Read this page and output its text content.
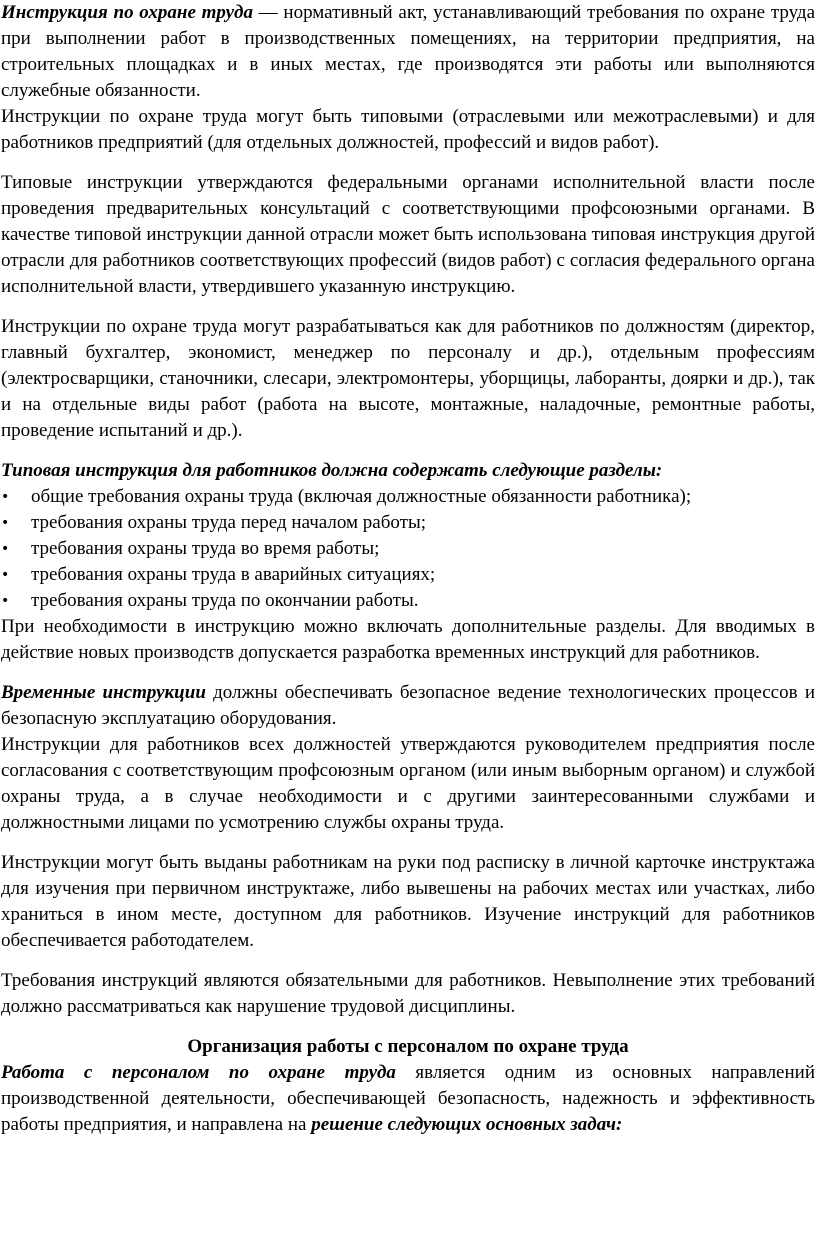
Инструкция по охране труда — нормативный акт, устанавливающий требования по охране труда при выполнении работ в производственных помещениях, на территории предприятия, на строительных площадках и в иных местах, где производятся эти работы или выполняются служебные обязанности.

Инструкции по охране труда могут быть типовыми (отраслевыми или межотраслевыми) и для работников предприятий (для отдельных должностей, профессий и видов работ).

Типовые инструкции утверждаются федеральными органами исполнительной власти после проведения предварительных консультаций с соответствующими профсоюзными органами. В качестве типовой инструкции данной отрасли может быть использована типовая инструкция другой отрасли для работников соответствующих профессий (видов работ) с согласия федерального органа исполнительной власти, утвердившего указанную инструкцию.

Инструкции по охране труда могут разрабатываться как для работников по должностям (директор, главный бухгалтер, экономист, менеджер по персоналу и др.), отдельным профессиям (электросварщики, станочники, слесари, электромонтеры, уборщицы, лаборанты, доярки и др.), так и на отдельные виды работ (работа на высоте, монтажные, наладочные, ремонтные работы, проведение испытаний и др.).

Типовая инструкция для работников должна содержать следующие разделы:

• общие требования охраны труда (включая должностные обязанности работника);
• требования охраны труда перед началом работы;
• требования охраны труда во время работы;
• требования охраны труда в аварийных ситуациях;
• требования охраны труда по окончании работы.

При необходимости в инструкцию можно включать дополнительные разделы. Для вводимых в действие новых производств допускается разработка временных инструкций для работников.

Временные инструкции должны обеспечивать безопасное ведение технологических процессов и безопасную эксплуатацию оборудования.

Инструкции для работников всех должностей утверждаются руководителем предприятия после согласования с соответствующим профсоюзным органом (или иным выборным органом) и службой охраны труда, а в случае необходимости и с другими заинтересованными службами и должностными лицами по усмотрению службы охраны труда.

Инструкции могут быть выданы работникам на руки под расписку в личной карточке инструктажа для изучения при первичном инструктаже, либо вывешены на рабочих местах или участках, либо храниться в ином месте, доступном для работников. Изучение инструкций для работников обеспечивается работодателем.

Требования инструкций являются обязательными для работников. Невыполнение этих требований должно рассматриваться как нарушение трудовой дисциплины.

Организация работы с персоналом по охране труда

Работа с персоналом по охране труда является одним из основных направлений производственной деятельности, обеспечивающей безопасность, надежность и эффективность работы предприятия, и направлена на решение следующих основных задач:
